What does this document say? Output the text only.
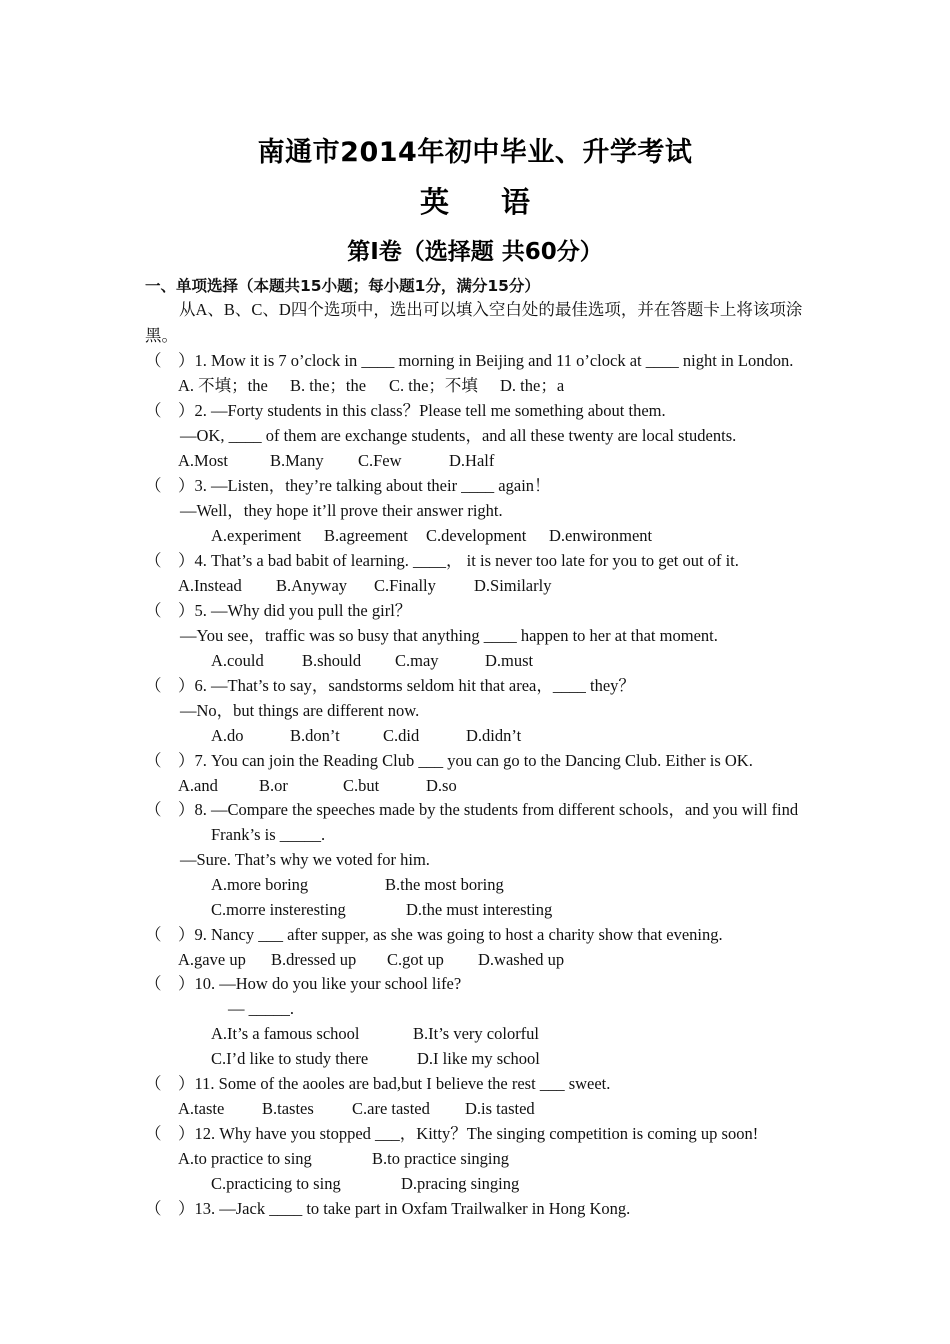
南通市2014年初中毕业、升学考试
英 语
第Ⅰ卷（选择题 共60分）
一、单项选择（本题共15小题；每小题1分，满分15分）
从A、B、C、D四个选项中，选出可以填入空白处的最佳选项，并在答题卡上将该项涂
黑。
（　）1. Mow it is 7 o’clock in ____ morning in Beijing and 11 o’clock at ____ night in London.
A. 不填；the B. the；the C. the；不填 D. the；a
（　）2. —Forty students in this class？Please tell me something about them.
—OK, ____ of them are exchange students，and all these twenty are local students.
A.Most	B.Many C.Few	D.Half
（　）3. —Listen，they’re talking about their ____ again！
—Well，they hope it’ll prove their answer right.
A.experiment B.agreement C.development D.enwironment
（　）4. That’s a bad babit of learning. ____， it is never too late for you to get out of it.
A.Instead B.Anyway C.Finally D.Similarly
（　）5. —Why did you pull the girl？
—You see，traffic was so busy that anything ____ happen to her at that moment.
A.could B.should C.may	D.must
（　）6. —That’s to say，sandstorms seldom hit that area，____ they？
—No，but things are different now.
A.do	B.don’t	C.did	D.didn’t
（　）7. You can join the Reading Club ___ you can go to the Dancing Club. Either is OK.
A.and B.or	C.but	D.so
（　）8. —Compare the speeches made by the students from different schools，and you will find
Frank’s is _____.
—Sure. That’s why we voted for him.
A.more boring	B.the most boring
C.morre insteresting	D.the must interesting
（　）9. Nancy ___ after supper, as she was going to host a charity show that evening.
A.gave up B.dressed up C.got up D.washed up
（　）10. —How do you like your school life?
— _____.
A.It’s a famous school	B.It’s very colorful
C.I’d like to study there	D.I like my school
（　）11. Some of the aooles are bad,but I believe the rest ___ sweet.
A.taste B.tastes C.are tasted D.is tasted
（　）12. Why have you stopped ___，Kitty？The singing competition is coming up soon!
A.to practice to sing	B.to practice singing
C.practicing to sing	D.pracing singing
（　）13. —Jack ____ to take part in Oxfam Trailwalker in Hong Kong.
